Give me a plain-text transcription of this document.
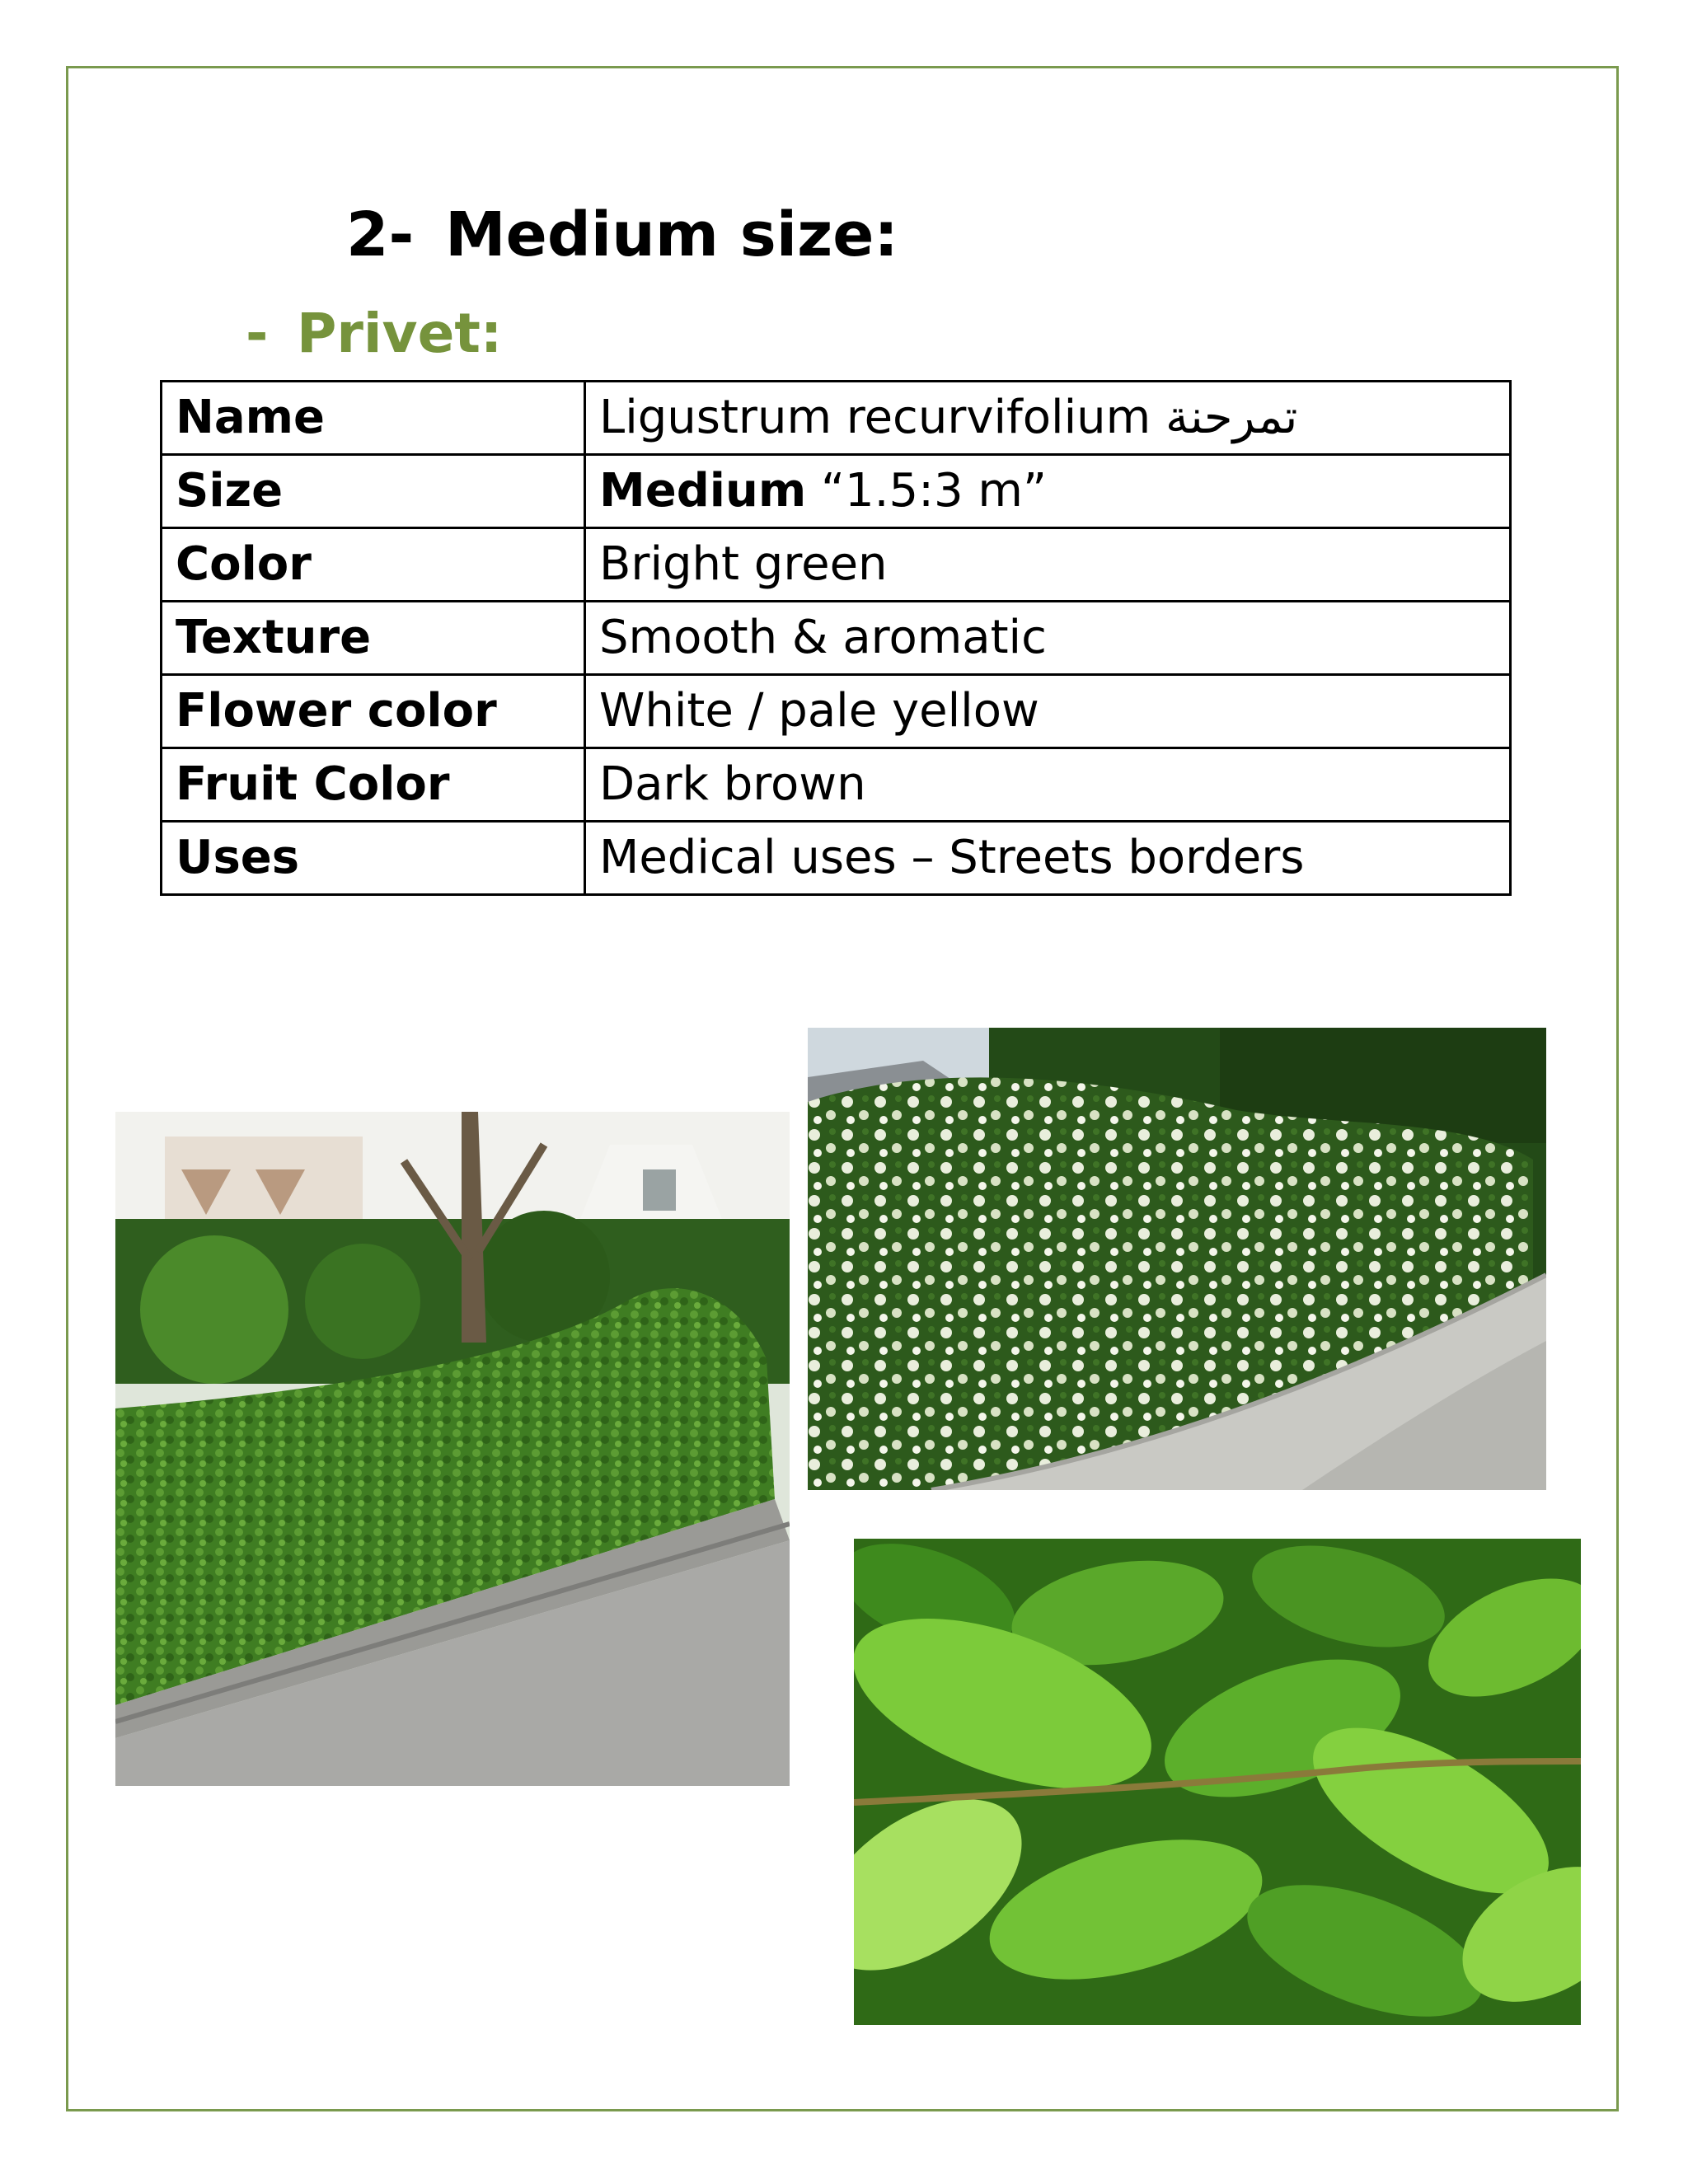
2- Medium size:
- Privet:
Name	Ligustrum recurvifolium تمرحنة
Size	Medium “1.5:3 m”
Color	Bright green
Texture	Smooth & aromatic
Flower color	White / pale yellow
Fruit Color	Dark brown
Uses	Medical uses – Streets borders
